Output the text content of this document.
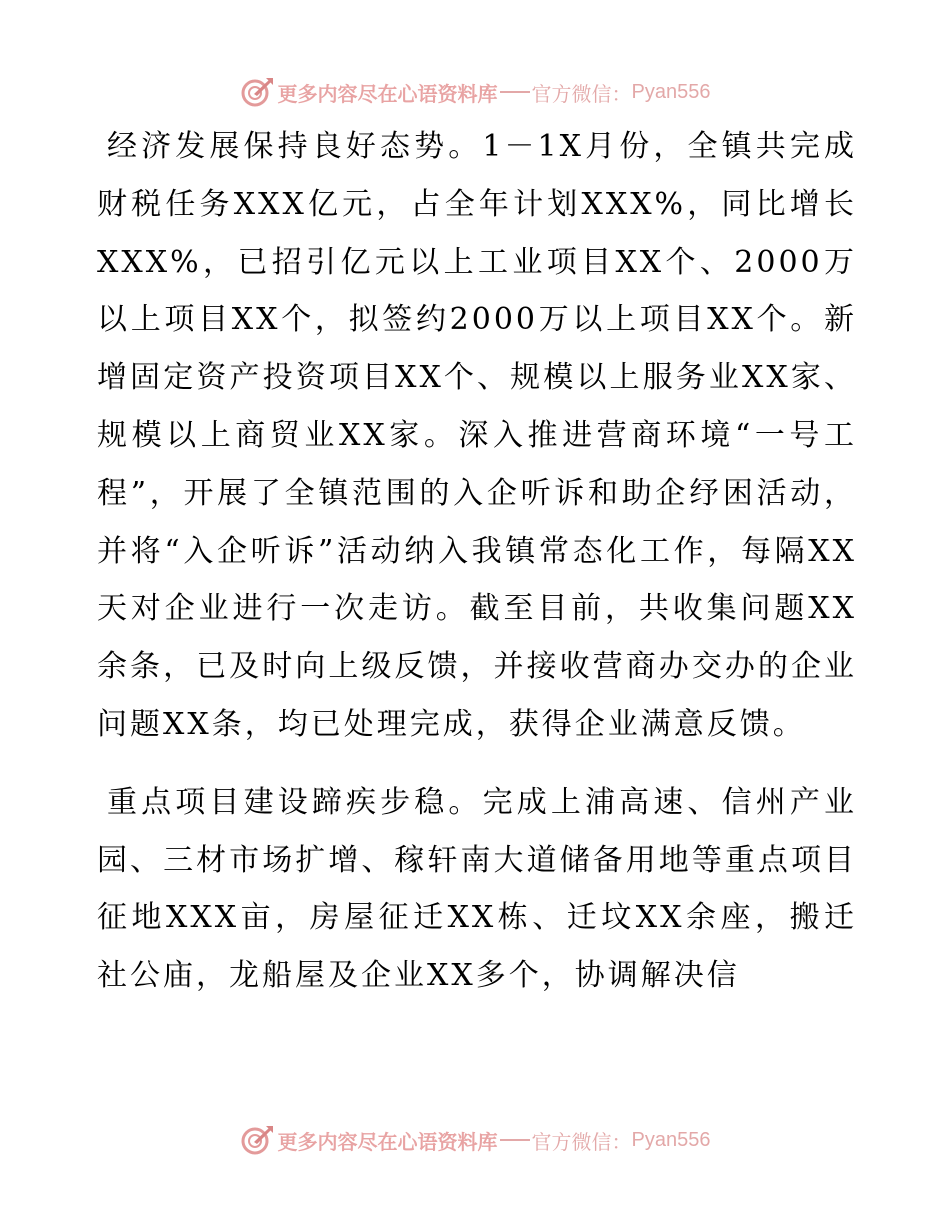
更多内容尽在心语资料库 官方微信： Pyan556

经济发展保持良好态势。1－1X月份，全镇共完成财税任务XXX亿元，占全年计划XXX%，同比增长XXX%，已招引亿元以上工业项目XX个、2000万以上项目XX个，拟签约2000万以上项目XX个。新增固定资产投资项目XX个、规模以上服务业XX家、规模以上商贸业XX家。深入推进营商环境“一号工程”，开展了全镇范围的入企听诉和助企纾困活动，并将“入企听诉”活动纳入我镇常态化工作，每隔XX天对企业进行一次走访。截至目前，共收集问题XX余条，已及时向上级反馈，并接收营商办交办的企业问题XX条，均已处理完成，获得企业满意反馈。

重点项目建设蹄疾步稳。完成上浦高速、信州产业园、三材市场扩增、稼轩南大道储备用地等重点项目征地XXX亩，房屋征迁XX栋、迁坟XX余座，搬迁社公庙，龙船屋及企业XX多个，协调解决信

更多内容尽在心语资料库 官方微信： Pyan556
